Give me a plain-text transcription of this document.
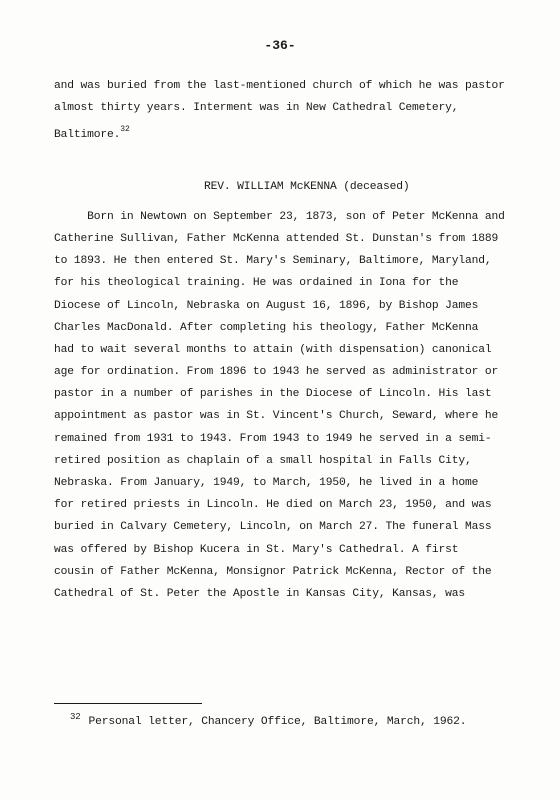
-36-
and was buried from the last-mentioned church of which he was pastor
almost thirty years. Interment was in New Cathedral Cemetery,
Baltimore.$^{32}$
REV. WILLIAM McKENNA (deceased)
Born in Newtown on September 23, 1873, son of Peter McKenna and
Catherine Sullivan, Father McKenna attended St. Dunstan's from 1889
to 1893. He then entered St. Mary's Seminary, Baltimore, Maryland,
for his theological training. He was ordained in Iona for the
Diocese of Lincoln, Nebraska on August 16, 1896, by Bishop James
Charles MacDonald. After completing his theology, Father McKenna
had to wait several months to attain (with dispensation) canonical
age for ordination. From 1896 to 1943 he served as administrator or
pastor in a number of parishes in the Diocese of Lincoln. His last
appointment as pastor was in St. Vincent's Church, Seward, where he
remained from 1931 to 1943. From 1943 to 1949 he served in a semi-
retired position as chaplain of a small hospital in Falls City,
Nebraska. From January, 1949, to March, 1950, he lived in a home
for retired priests in Lincoln. He died on March 23, 1950, and was
buried in Calvary Cemetery, Lincoln, on March 27. The funeral Mass
was offered by Bishop Kucera in St. Mary's Cathedral. A first
cousin of Father McKenna, Monsignor Patrick McKenna, Rector of the
Cathedral of St. Peter the Apostle in Kansas City, Kansas, was
$^{32}$ Personal letter, Chancery Office, Baltimore, March, 1962.
